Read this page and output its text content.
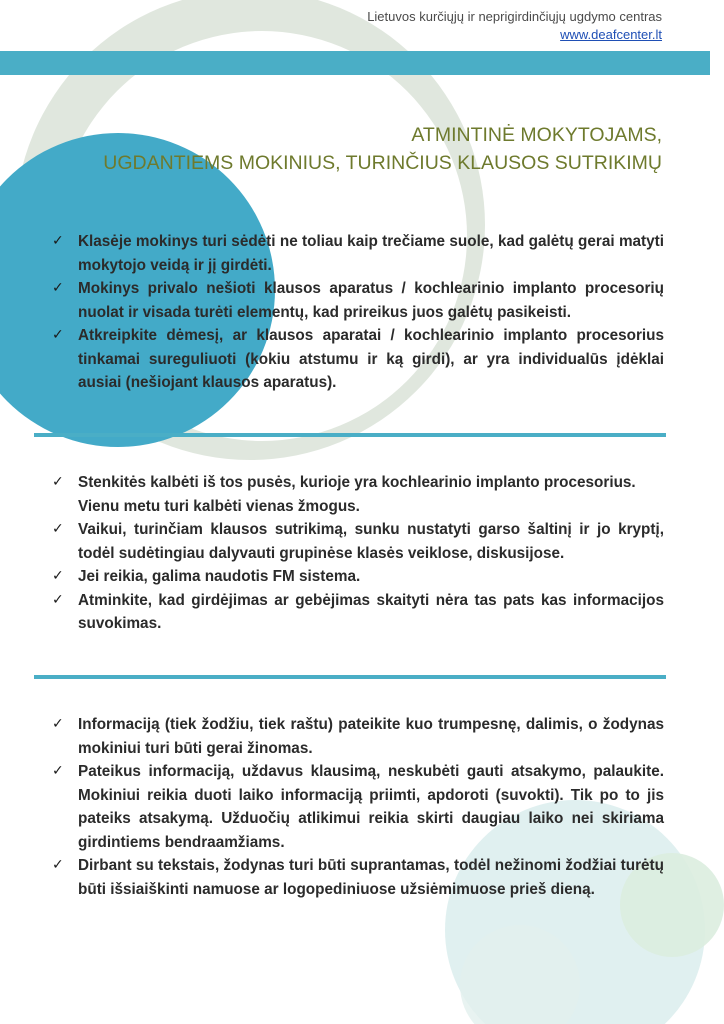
Lietuvos kurčiųjų ir neprigirdinčiųjų ugdymo centras
www.deafcenter.lt
ATMINTINĖ MOKYTOJAMS,
UGDANTIEMS MOKINIUS, TURINČIUS KLAUSOS SUTRIKIMŲ
✓ Klasėje mokinys turi sėdėti ne toliau kaip trečiame suole, kad galėtų gerai matyti mokytojo veidą ir jį girdėti.
✓ Mokinys privalo nešioti klausos aparatus / kochlearinio implanto procesorių nuolat ir visada turėti elementų, kad prireikus juos galėtų pasikeisti.
✓ Atkreipkite dėmesį, ar klausos aparatai / kochlearinio implanto procesorius tinkamai sureguliuoti (kokiu atstumu ir ką girdi), ar yra individualūs įdėklai ausiai (nešiojant klausos aparatus).
✓ Stenkitės kalbėti iš tos pusės, kurioje yra kochlearinio implanto procesorius.
Vienu metu turi kalbėti vienas žmogus.
✓ Vaikui, turinčiam klausos sutrikimą, sunku nustatyti garso šaltinį ir jo kryptį, todėl sudėtingiau dalyvauti grupinėse klasės veiklose, diskusijose.
✓ Jei reikia, galima naudotis FM sistema.
✓ Atminkite, kad girdėjimas ar gebėjimas skaityti nėra tas pats kas informacijos suvokimas.
✓ Informaciją (tiek žodžiu, tiek raštu) pateikite kuo trumpesnę, dalimis, o žodynas mokiniui turi būti gerai žinomas.
✓ Pateikus informaciją, uždavus klausimą, neskubėti gauti atsakymo, palaukite. Mokiniui reikia duoti laiko informaciją priimti, apdoroti (suvokti). Tik po to jis pateiks atsakymą. Užduočių atlikimui reikia skirti daugiau laiko nei skiriama girdintiems bendraamžiams.
✓ Dirbant su tekstais, žodynas turi būti suprantamas, todėl nežinomi žodžiai turėtų būti išsiaiškinti namuose ar logopediniuose užsiėmimuose prieš dieną.
